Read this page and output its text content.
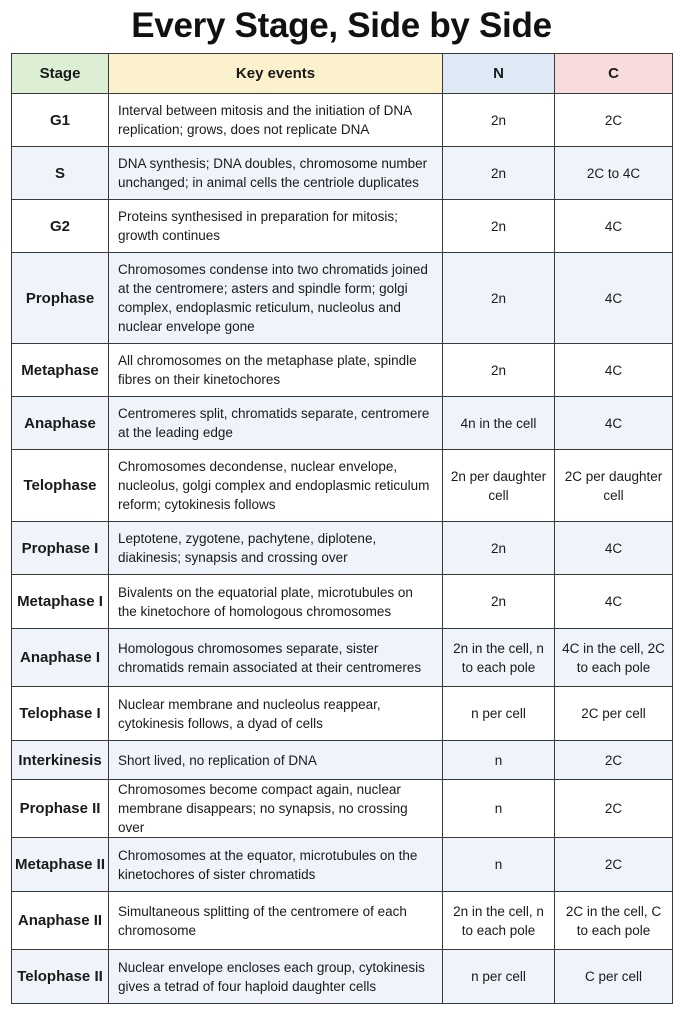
Every Stage, Side by Side
Stage	Key events	N	C
G1	Interval between mitosis and the initiation of DNA replication; grows, does not replicate DNA	2n	2C
S	DNA synthesis; DNA doubles, chromosome number unchanged; in animal cells the centriole duplicates	2n	2C to 4C
G2	Proteins synthesised in preparation for mitosis; growth continues	2n	4C
Prophase	Chromosomes condense into two chromatids joined at the centromere; asters and spindle form; golgi complex, endoplasmic reticulum, nucleolus and nuclear envelope gone	2n	4C
Metaphase	All chromosomes on the metaphase plate, spindle fibres on their kinetochores	2n	4C
Anaphase	Centromeres split, chromatids separate, centromere at the leading edge	4n in the cell	4C
Telophase	Chromosomes decondense, nuclear envelope, nucleolus, golgi complex and endoplasmic reticulum reform; cytokinesis follows	2n per daughter cell	2C per daughter cell
Prophase I	Leptotene, zygotene, pachytene, diplotene, diakinesis; synapsis and crossing over	2n	4C
Metaphase I	Bivalents on the equatorial plate, microtubules on the kinetochore of homologous chromosomes	2n	4C
Anaphase I	Homologous chromosomes separate, sister chromatids remain associated at their centromeres	2n in the cell, n to each pole	4C in the cell, 2C to each pole
Telophase I	Nuclear membrane and nucleolus reappear, cytokinesis follows, a dyad of cells	n per cell	2C per cell
Interkinesis	Short lived, no replication of DNA	n	2C
Prophase II	Chromosomes become compact again, nuclear membrane disappears; no synapsis, no crossing over	n	2C
Metaphase II	Chromosomes at the equator, microtubules on the kinetochores of sister chromatids	n	2C
Anaphase II	Simultaneous splitting of the centromere of each chromosome	2n in the cell, n to each pole	2C in the cell, C to each pole
Telophase II	Nuclear envelope encloses each group, cytokinesis gives a tetrad of four haploid daughter cells	n per cell	C per cell
